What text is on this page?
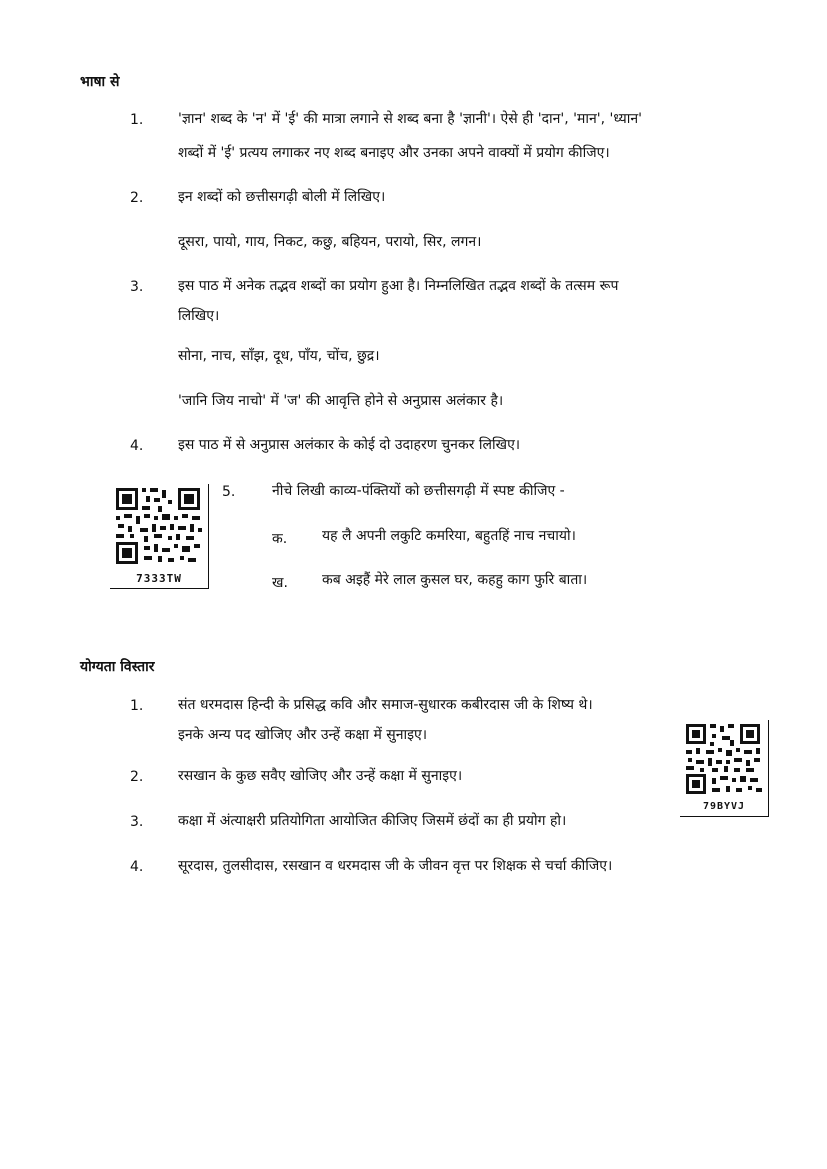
भाषा से
1. 'ज्ञान' शब्द के 'न' में 'ई' की मात्रा लगाने से शब्द बना है 'ज्ञानी'। ऐसे ही 'दान', 'मान', 'ध्यान'
शब्दों में 'ई' प्रत्यय लगाकर नए शब्द बनाइए और उनका अपने वाक्यों में प्रयोग कीजिए।
2. इन शब्दों को छत्तीसगढ़ी बोली में लिखिए।
दूसरा, पायो, गाय, निकट, कछु, बहियन, परायो, सिर, लगन।
3. इस पाठ में अनेक तद्भव शब्दों का प्रयोग हुआ है। निम्नलिखित तद्भव शब्दों के तत्सम रूप
लिखिए।
सोना, नाच, साँझ, दूध, पाँय, चोंच, छुद्र।
'जानि जिय नाचो' में 'ज' की आवृत्ति होने से अनुप्रास अलंकार है।
4. इस पाठ में से अनुप्रास अलंकार के कोई दो उदाहरण चुनकर लिखिए।
7333TW
5.	नीचे लिखी काव्य-पंक्तियों को छत्तीसगढ़ी में स्पष्ट कीजिए -
क. यह लै अपनी लकुटि कमरिया, बहुतहिं नाच नचायो।
ख. कब अइहैं मेरे लाल कुसल घर, कहहु काग फुरि बाता।
योग्यता विस्तार
1. संत धरमदास हिन्दी के प्रसिद्ध कवि और समाज-सुधारक कबीरदास जी के शिष्य थे।
इनके अन्य पद खोजिए और उन्हें कक्षा में सुनाइए।
2. रसखान के कुछ सवैए खोजिए और उन्हें कक्षा में सुनाइए।
3. कक्षा में अंत्याक्षरी प्रतियोगिता आयोजित कीजिए जिसमें छंदों का ही प्रयोग हो।
4. सूरदास, तुलसीदास, रसखान व धरमदास जी के जीवन वृत्त पर शिक्षक से चर्चा कीजिए।
79BYVJ
